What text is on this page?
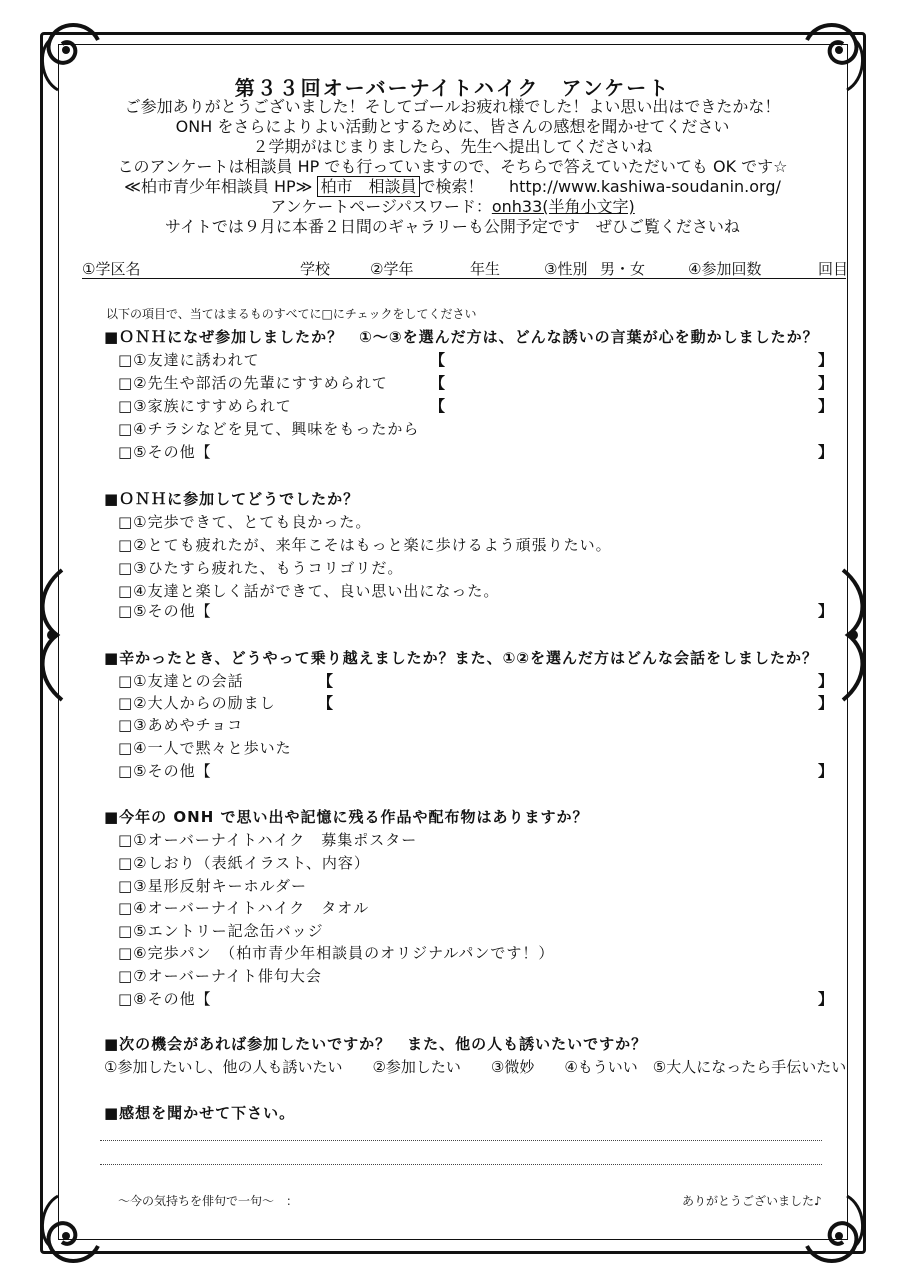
第３３回オーバーナイトハイク　アンケート
ご参加ありがとうございました！そしてゴールお疲れ様でした！よい思い出はできたかな！
ONH をさらによりよい活動とするために、皆さんの感想を聞かせてください
２学期がはじまりましたら、先生へ提出してくださいね
このアンケートは相談員 HP でも行っていますので、そちらで答えていただいても OK です☆
≪柏市青少年相談員 HP≫ 柏市　相談員 で検索！ http://www.kashiwa-soudanin.org/
アンケートページパスワード：onh33(半角小文字)
サイトでは９月に本番２日間のギャラリーも公開予定です　ぜひご覧くださいね
①学区名	学校	②学年	年生	③性別 男・女	④参加回数	回目
以下の項目で、当てはまるものすべてに□にチェックをしてください
■ＯＮＨになぜ参加しましたか？　①～③を選んだ方は、どんな誘いの言葉が心を動かしましたか？
□①友達に誘われて	【	】
□②先生や部活の先輩にすすめられて	【	】
□③家族にすすめられて	【	】
□④チラシなどを見て、興味をもったから
□⑤その他【	】
■ＯＮＨに参加してどうでしたか？
□①完歩できて、とても良かった。
□②とても疲れたが、来年こそはもっと楽に歩けるよう頑張りたい。
□③ひたすら疲れた、もうコリゴリだ。
□④友達と楽しく話ができて、良い思い出になった。
□⑤その他【	】
■辛かったとき、どうやって乗り越えましたか？また、①②を選んだ方はどんな会話をしましたか？
□①友達との会話	【	】
□②大人からの励まし	【	】
□③あめやチョコ
□④一人で黙々と歩いた
□⑤その他【	】
■今年の ONH で思い出や記憶に残る作品や配布物はありますか？
□①オーバーナイトハイク　募集ポスター
□②しおり（表紙イラスト、内容）
□③星形反射キーホルダー
□④オーバーナイトハイク　タオル
□⑤エントリー記念缶バッジ
□⑥完歩パン　（柏市青少年相談員のオリジナルパンです！）
□⑦オーバーナイト俳句大会
□⑧その他【	】
■次の機会があれば参加したいですか？　また、他の人も誘いたいですか？
①参加したいし、他の人も誘いたい　　②参加したい　　③微妙　　④もういい　⑤大人になったら手伝いたい
■感想を聞かせて下さい。
～今の気持ちを俳句で一句～　：	ありがとうございました♪
